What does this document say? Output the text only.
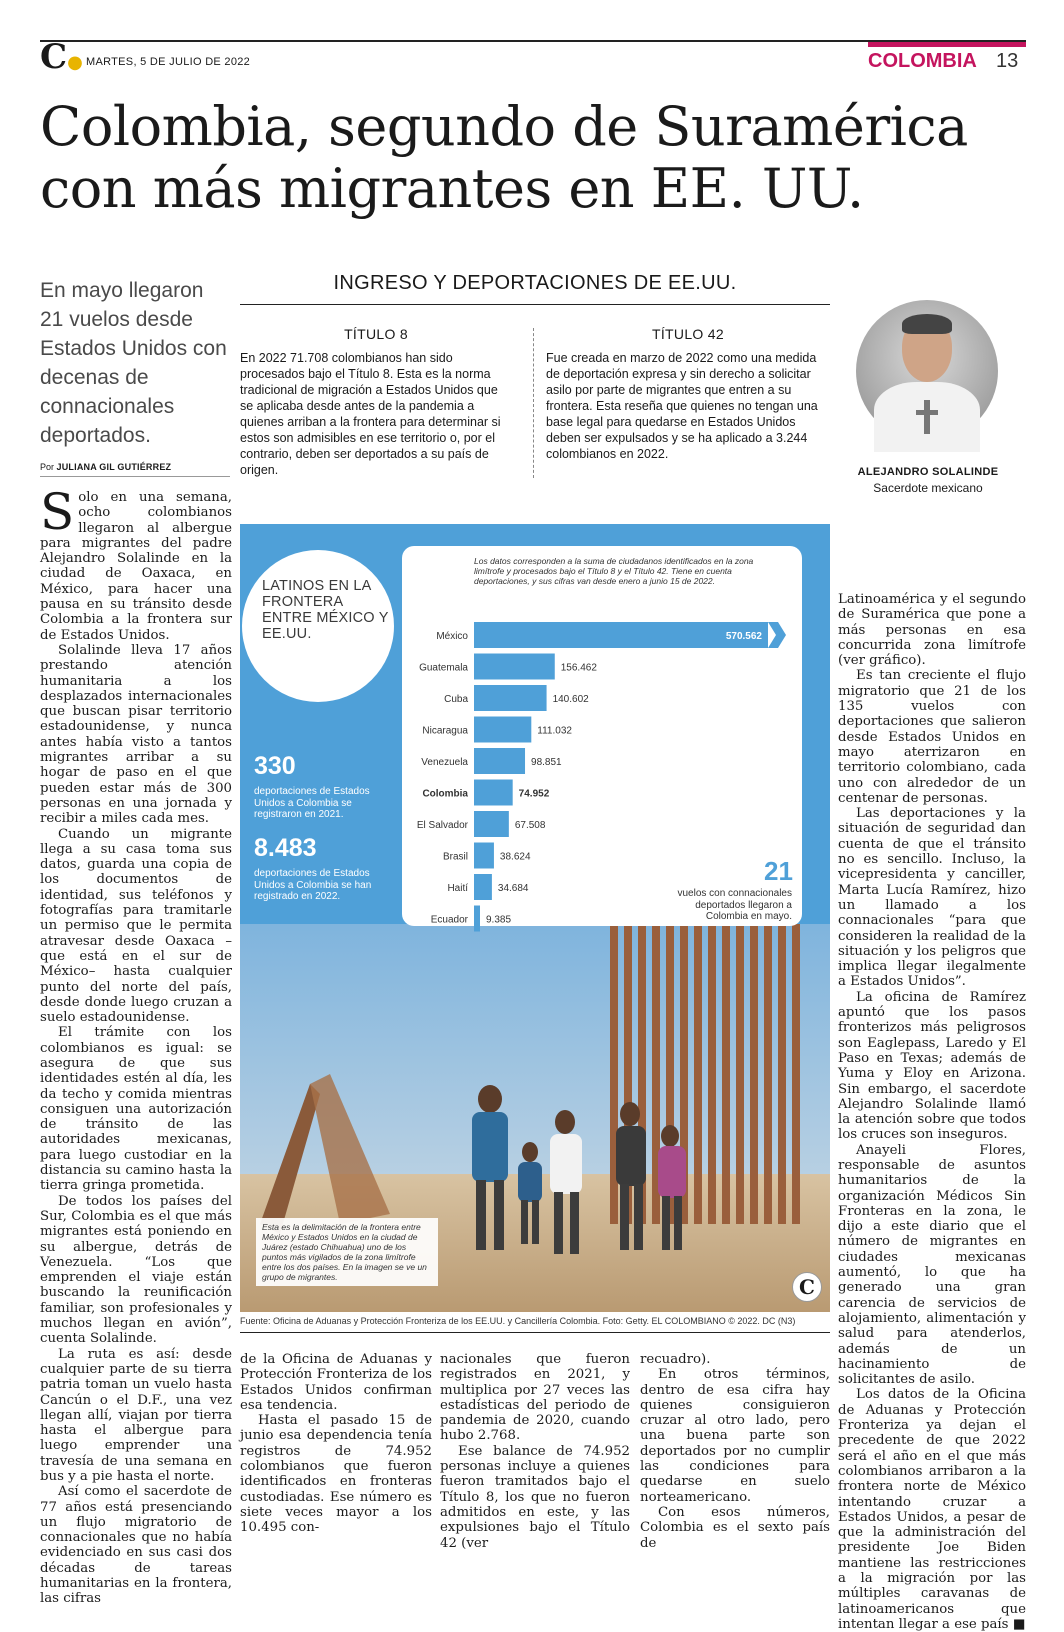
C● MARTES, 5 DE JULIO DE 2022	COLOMBIA 13
Colombia, segundo de Suramérica
con más migrantes en EE. UU.
En mayo llegaron 21 vuelos desde Estados Unidos con decenas de connacionales deportados.
Por JULIANA GIL GUTIÉRREZ
INGRESO Y DEPORTACIONES DE EE.UU.
TÍTULO 8

En 2022 71.708 colombianos han sido procesados bajo el Título 8. Esta es la norma tradicional de migración a Estados Unidos que se aplicaba desde antes de la pandemia a quienes arriban a la frontera para determinar si estos son admisibles en ese territorio o, por el contrario, deben ser deportados a su país de origen.

TÍTULO 42

Fue creada en marzo de 2022 como una medida de deportación expresa y sin derecho a solicitar asilo por parte de migrantes que entren a su frontera. Esta reseña que quienes no tengan una base legal para quedarse en Estados Unidos deben ser expulsados y se ha aplicado a 3.244 colombianos en 2022.

ALEJANDRO SOLALINDE
Sacerdote mexicano

Solo en una semana, ocho colombianos llegaron al albergue para migrantes del padre Alejandro Solalinde en la ciudad de Oaxaca, en México, para hacer una pausa en su tránsito desde Colombia a la frontera sur de Estados Unidos.

Solalinde lleva 17 años prestando atención humanitaria a los desplazados internacionales que buscan pisar territorio estadounidense, y nunca antes había visto a tantos migrantes arribar a su hogar de paso en el que pueden estar más de 300 personas en una jornada y recibir a miles cada mes.

Cuando un migrante llega a su casa toma sus datos, guarda una copia de los documentos de identidad, sus teléfonos y fotografías para tramitarle un permiso que le permita atravesar desde Oaxaca –que está en el sur de México– hasta cualquier punto del norte del país, desde donde luego cruzan a suelo estadounidense.

El trámite con los colombianos es igual: se asegura de que sus identidades estén al día, les da techo y comida mientras consiguen una autorización de tránsito de las autoridades mexicanas, para luego custodiar en la distancia su camino hasta la tierra gringa prometida.

De todos los países del Sur, Colombia es el que más migrantes está poniendo en su albergue, detrás de Venezuela. “Los que emprenden el viaje están buscando la reunificación familiar, son profesionales y muchos llegan en avión”, cuenta Solalinde.

La ruta es así: desde cualquier parte de su tierra patria toman un vuelo hasta Cancún o el D.F., una vez llegan allí, viajan por tierra hasta el albergue para luego emprender una travesía de una semana en bus y a pie hasta el norte.

Así como el sacerdote de 77 años está presenciando un flujo migratorio de connacionales que no había evidenciado en sus casi dos décadas de tareas humanitarias en la frontera, las cifras

de la Oficina de Aduanas y Protección Fronteriza de los Estados Unidos confirman esa tendencia.

Hasta el pasado 15 de junio esa dependencia tenía registros de 74.952 colombianos que fueron identificados en fronteras custodiadas. Ese número es siete veces mayor a los 10.495 con-

nacionales que fueron registrados en 2021, y multiplica por 27 veces las estadísticas del periodo de pandemia de 2020, cuando hubo 2.768.

Ese balance de 74.952 personas incluye a quienes fueron tramitados bajo el Título 8, los que no fueron admitidos en este, y las expulsiones bajo el Título 42 (ver

recuadro).

En otros términos, dentro de esa cifra hay quienes consiguieron cruzar al otro lado, pero una buena parte son deportados por no cumplir las condiciones para quedarse en suelo norteamericano.

Con esos números, Colombia es el sexto país de

Latinoamérica y el segundo de Suramérica que pone a más personas en esa concurrida zona limítrofe (ver gráfico).

Es tan creciente el flujo migratorio que 21 de los 135 vuelos con deportaciones que salieron desde Estados Unidos en mayo aterrizaron en territorio colombiano, cada uno con alrededor de un centenar de personas.

Las deportaciones y la situación de seguridad dan cuenta de que el tránsito no es sencillo. Incluso, la vicepresidenta y canciller, Marta Lucía Ramírez, hizo un llamado a los connacionales “para que consideren la realidad de la situación y los peligros que implica llegar ilegalmente a Estados Unidos”.

La oficina de Ramírez apuntó que los pasos fronterizos más peligrosos son Eaglepass, Laredo y El Paso en Texas; además de Yuma y Eloy en Arizona. Sin embargo, el sacerdote Alejandro Solalinde llamó la atención sobre que todos los cruces son inseguros.

Anayeli Flores, responsable de asuntos humanitarios de la organización Médicos Sin Fronteras en la zona, le dijo a este diario que el número de migrantes en ciudades mexicanas aumentó, lo que ha generado una gran carencia de servicios de alojamiento, alimentación y salud para atenderlos, además de un hacinamiento de solicitantes de asilo.

Los datos de la Oficina de Aduanas y Protección Fronteriza ya dejan el precedente de que 2022 será el año en el que más colombianos arribaron a la frontera norte de México intentando cruzar a Estados Unidos, a pesar de que la administración del presidente Joe Biden mantiene las restricciones a la migración por las múltiples caravanas de latinoamericanos que intentan llegar a ese país ■

LATINOS EN LA FRONTERA ENTRE MÉXICO Y EE.UU.
330
deportaciones de Estados Unidos a Colombia se registraron en 2021.
8.483
deportaciones de Estados Unidos a Colombia se han registrado en 2022.
Los datos corresponden a la suma de ciudadanos identificados en la zona limítrofe y procesados bajo el Título 8 y el Título 42. Tiene en cuenta deportaciones, y sus cifras van desde enero a junio 15 de 2022.
México	570.562
Guatemala	156.462
Cuba	140.602
Nicaragua	111.032
Venezuela	98.851
Colombia	74.952
El Salvador	67.508
Brasil	38.624
Haití	34.684
Ecuador 9.385
21
vuelos con connacionales deportados llegaron a Colombia en mayo.
Esta es la delimitación de la frontera entre México y Estados Unidos en la ciudad de Juárez (estado Chihuahua) uno de los puntos más vigilados de la zona limítrofe entre los dos países. En la imagen se ve un grupo de migrantes.	C
Fuente: Oficina de Aduanas y Protección Fronteriza de los EE.UU. y Cancillería Colombia. Foto: Getty. EL COLOMBIANO © 2022. DC (N3)
